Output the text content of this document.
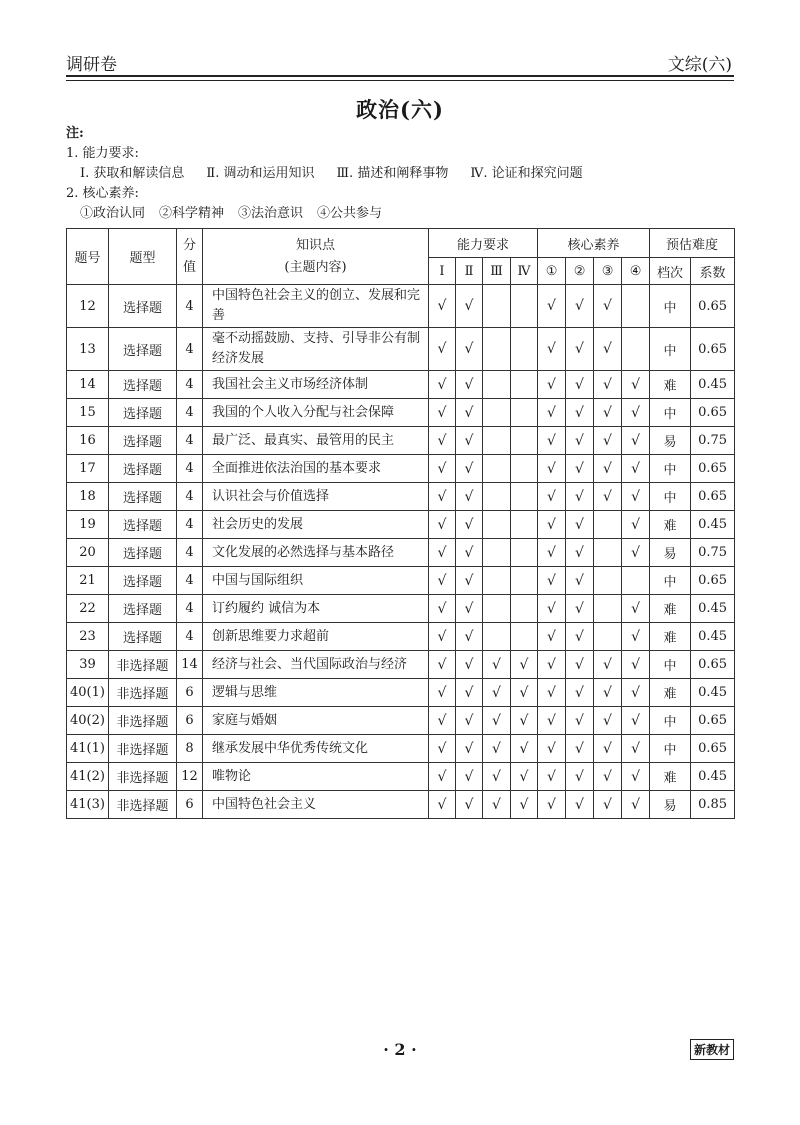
调研卷	文综(六)
政治(六)
注:
1. 能力要求:
Ⅰ. 获取和解读信息 Ⅱ. 调动和运用知识 Ⅲ. 描述和阐释事物 Ⅳ. 论证和探究问题
2. 核心素养:
①政治认同 ②科学精神 ③法治意识 ④公共参与
题号	题型	分值	知识点
(主题内容)	能力要求				核心素养				预估难度	
				Ⅰ	Ⅱ	Ⅲ	Ⅳ	①	②	③	④	档次	系数
12	选择题	4	中国特色社会主义的创立、发展和完善	√	√			√	√	√		中	0.65
13	选择题	4	毫不动摇鼓励、支持、引导非公有制经济发展	√	√			√	√	√		中	0.65
14	选择题	4	我国社会主义市场经济体制	√	√			√	√	√	√	难	0.45
15	选择题	4	我国的个人收入分配与社会保障	√	√			√	√	√	√	中	0.65
16	选择题	4	最广泛、最真实、最管用的民主	√	√			√	√	√	√	易	0.75
17	选择题	4	全面推进依法治国的基本要求	√	√			√	√	√	√	中	0.65
18	选择题	4	认识社会与价值选择	√	√			√	√	√	√	中	0.65
19	选择题	4	社会历史的发展	√	√			√	√		√	难	0.45
20	选择题	4	文化发展的必然选择与基本路径	√	√			√	√		√	易	0.75
21	选择题	4	中国与国际组织	√	√			√	√			中	0.65
22	选择题	4	订约履约 诚信为本	√	√			√	√		√	难	0.45
23	选择题	4	创新思维要力求超前	√	√			√	√		√	难	0.45
39	非选择题	14	经济与社会、当代国际政治与经济	√	√	√	√	√	√	√	√	中	0.65
40(1)	非选择题	6	逻辑与思维	√	√	√	√	√	√	√	√	难	0.45
40(2)	非选择题	6	家庭与婚姻	√	√	√	√	√	√	√	√	中	0.65
41(1)	非选择题	8	继承发展中华优秀传统文化	√	√	√	√	√	√	√	√	中	0.65
41(2)	非选择题	12	唯物论	√	√	√	√	√	√	√	√	难	0.45
41(3)	非选择题	6	中国特色社会主义	√	√	√	√	√	√	√	√	易	0.85
· 2 ·	新教材
